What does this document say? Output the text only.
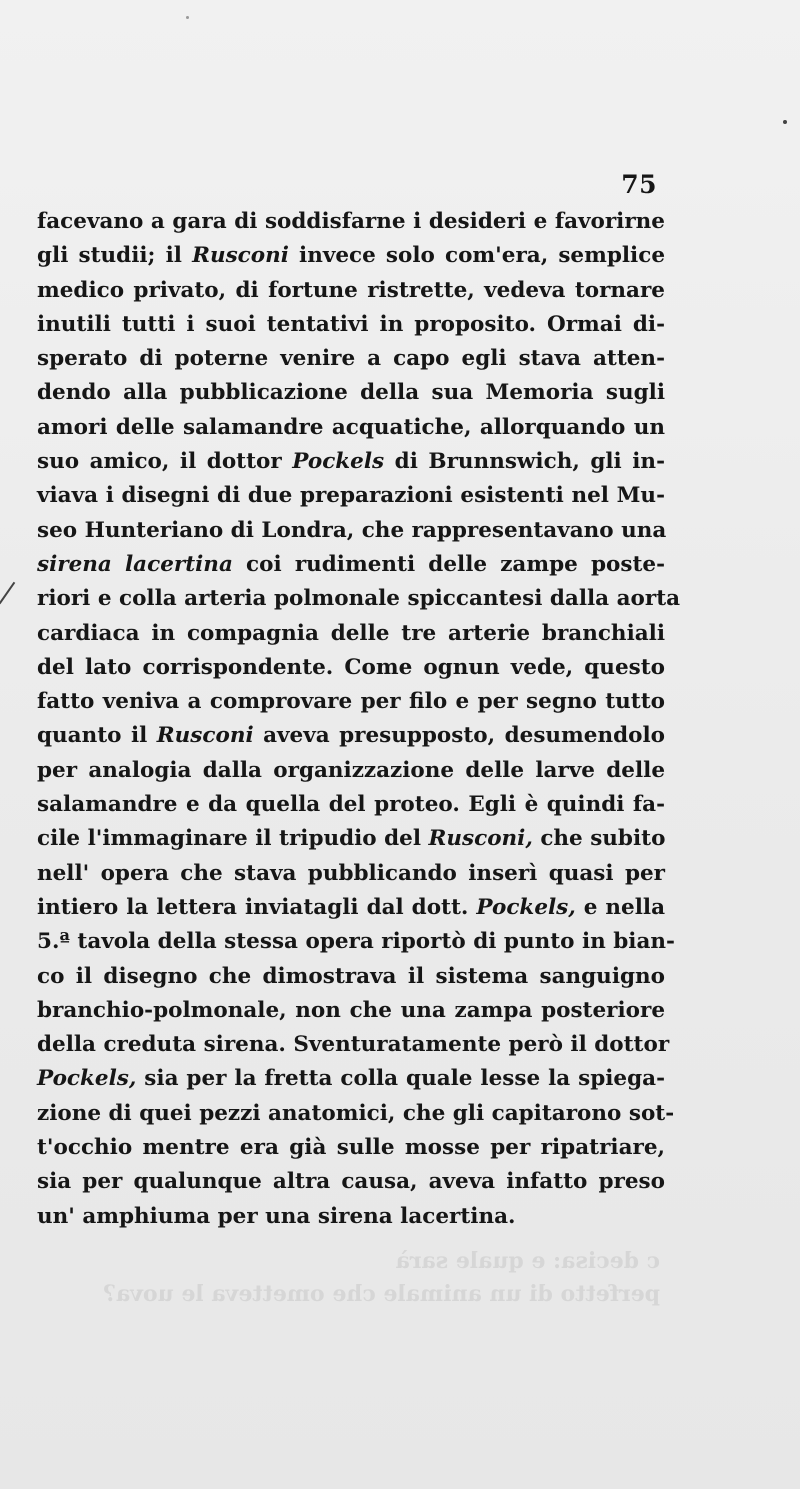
c decisa: e quale sarà
perfetto di un animale che ometteva le uova?
75
facevano a gara di soddisfarne i desideri e favorirne
gli studii; il Rusconi invece solo com'era, semplice
medico privato, di fortune ristrette, vedeva tornare
inutili tutti i suoi tentativi in proposito. Ormai di-
sperato di poterne venire a capo egli stava atten-
dendo alla pubblicazione della sua Memoria sugli
amori delle salamandre acquatiche, allorquando un
suo amico, il dottor Pockels di Brunnswich, gli in-
viava i disegni di due preparazioni esistenti nel Mu-
seo Hunteriano di Londra, che rappresentavano una
sirena lacertina coi rudimenti delle zampe poste-
riori e colla arteria polmonale spiccantesi dalla aorta
cardiaca in compagnia delle tre arterie branchiali
del lato corrispondente. Come ognun vede, questo
fatto veniva a comprovare per filo e per segno tutto
quanto il Rusconi aveva presupposto, desumendolo
per analogia dalla organizzazione delle larve delle
salamandre e da quella del proteo. Egli è quindi fa-
cile l'immaginare il tripudio del Rusconi, che subito
nell' opera che stava pubblicando inserì quasi per
intiero la lettera inviatagli dal dott. Pockels, e nella
5.ª tavola della stessa opera riportò di punto in bian-
co il disegno che dimostrava il sistema sanguigno
branchio-polmonale, non che una zampa posteriore
della creduta sirena. Sventuratamente però il dottor
Pockels, sia per la fretta colla quale lesse la spiega-
zione di quei pezzi anatomici, che gli capitarono sot-
t'occhio mentre era già sulle mosse per ripatriare,
sia per qualunque altra causa, aveva infatto preso
un' amphiuma per una sirena lacertina.
